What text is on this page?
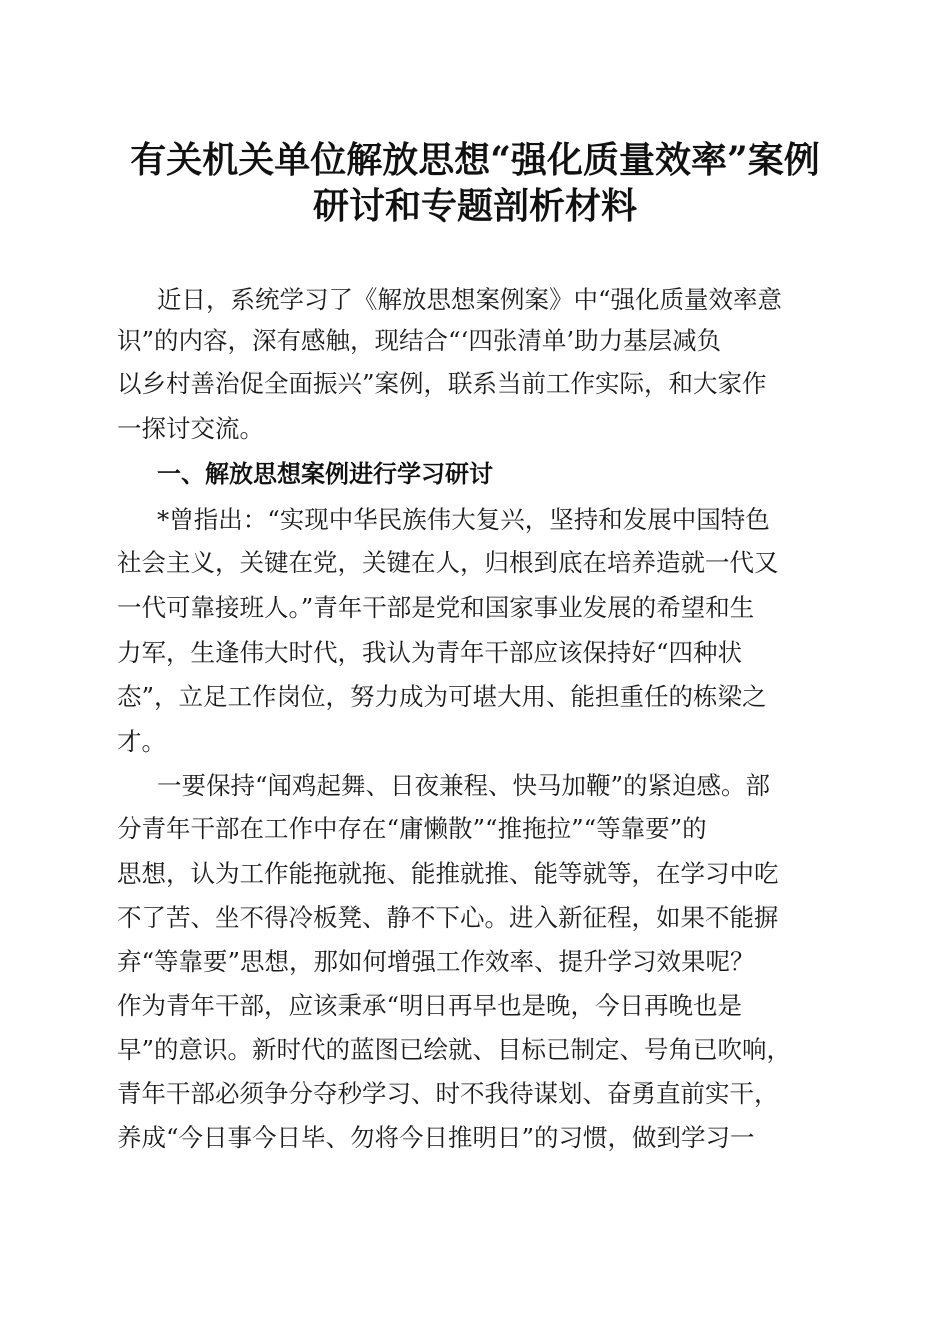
有关机关单位解放思想“强化质量效率”案例
研讨和专题剖析材料
近日，系统学习了《解放思想案例案》中“强化质量效率意
识”的内容，深有感触，现结合“‘四张清单’助力基层减负
以乡村善治促全面振兴”案例，联系当前工作实际，和大家作
一探讨交流。
一、解放思想案例进行学习研讨
*曾指出：“实现中华民族伟大复兴，坚持和发展中国特色
社会主义，关键在党，关键在人，归根到底在培养造就一代又
一代可靠接班人。”青年干部是党和国家事业发展的希望和生
力军，生逢伟大时代，我认为青年干部应该保持好“四种状
态”，立足工作岗位，努力成为可堪大用、能担重任的栋梁之
才。
一要保持“闻鸡起舞、日夜兼程、快马加鞭”的紧迫感。部
分青年干部在工作中存在“庸懒散”“推拖拉”“等靠要”的
思想，认为工作能拖就拖、能推就推、能等就等，在学习中吃
不了苦、坐不得冷板凳、静不下心。进入新征程，如果不能摒
弃“等靠要”思想，那如何增强工作效率、提升学习效果呢？
作为青年干部，应该秉承“明日再早也是晚，今日再晚也是
早”的意识。新时代的蓝图已绘就、目标已制定、号角已吹响，
青年干部必须争分夺秒学习、时不我待谋划、奋勇直前实干，
养成“今日事今日毕、勿将今日推明日”的习惯，做到学习一
